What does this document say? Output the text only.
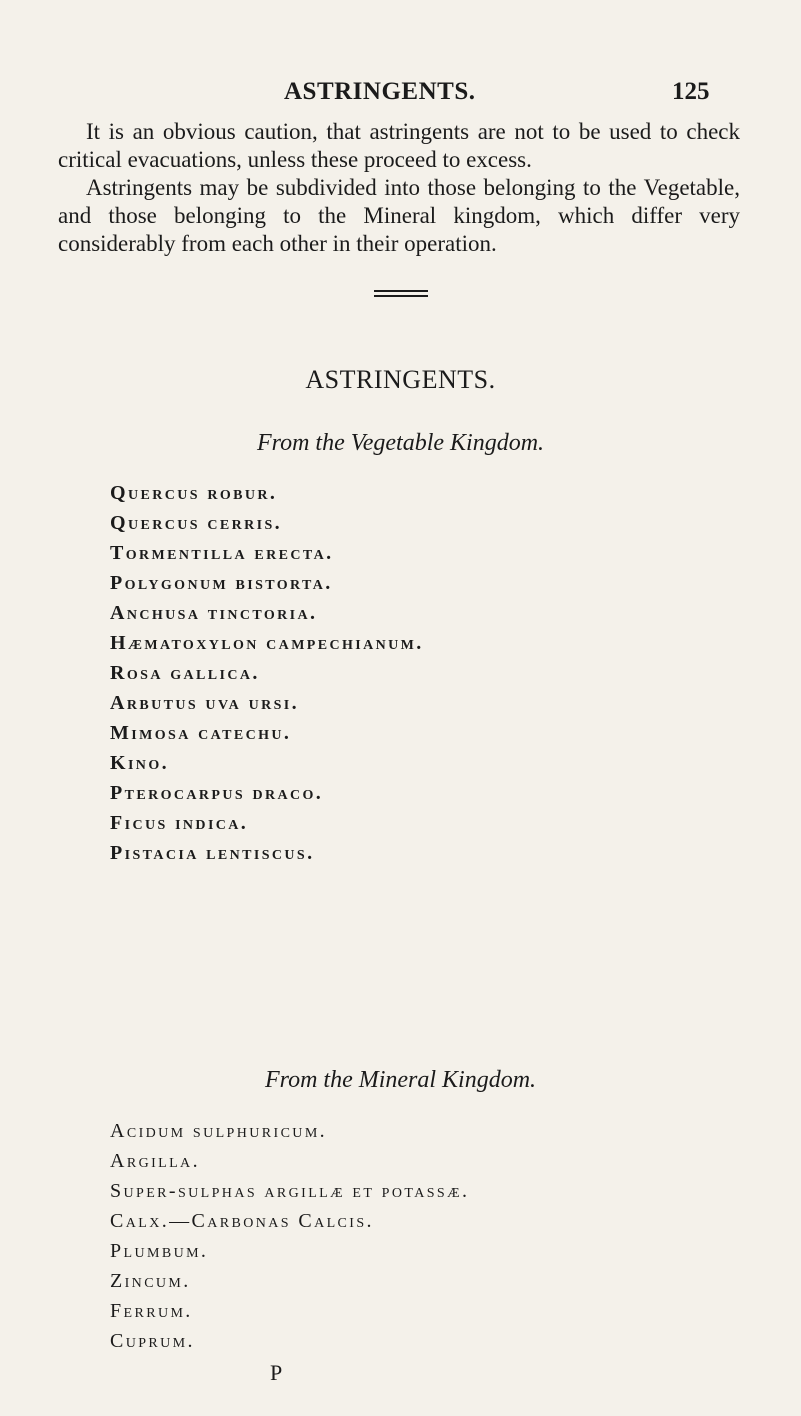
ASTRINGENTS.	125

It is an obvious caution, that astringents are not to be used to check critical evacuations, unless these proceed to excess.

Astringents may be subdivided into those belonging to the Vegetable, and those belonging to the Mineral kingdom, which differ very considerably from each other in their operation.

ASTRINGENTS.
From the Vegetable Kingdom.
Quercus robur.
Quercus cerris.
Tormentilla erecta.
Polygonum bistorta.
Anchusa tinctoria.
Hæmatoxylon campechianum.
Rosa gallica.
Arbutus uva ursi.
Mimosa catechu.
Kino.
Pterocarpus draco.
Ficus indica.
Pistacia lentiscus.
From the Mineral Kingdom.
Acidum sulphuricum.
Argilla.
Super-sulphas argillæ et potassæ.
Calx.—Carbonas Calcis.
Plumbum.
Zincum.
Ferrum.
Cuprum.
P
